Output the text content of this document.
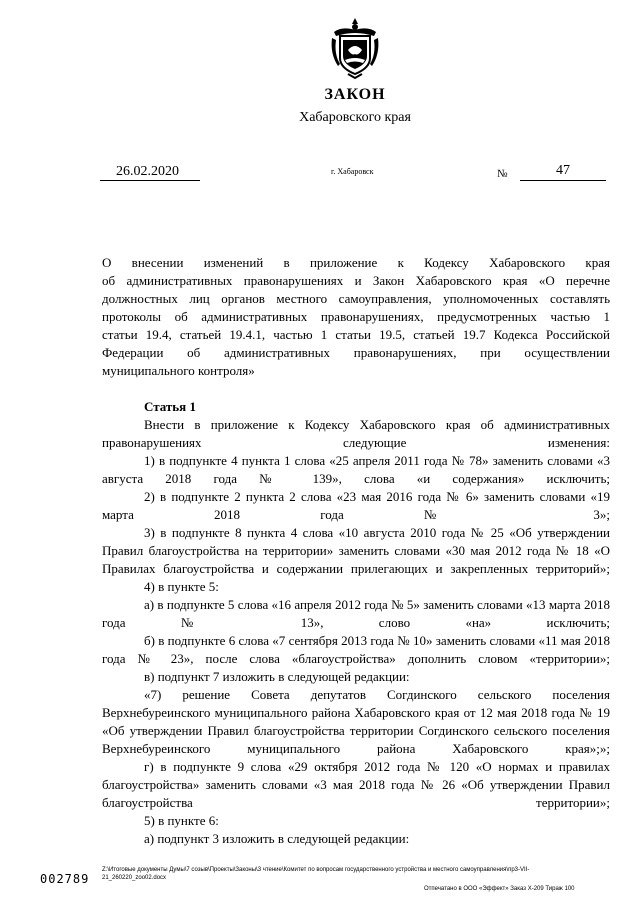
ЗАКОН
Хабаровского края
26.02.2020	г. Хабаровск	№	47

О внесении изменений в приложение к Кодексу Хабаровского края

об административных правонарушениях и Закон Хабаровского края «О перечне

должностных лиц органов местного самоуправления, уполномоченных составлять

протоколы об административных правонарушениях, предусмотренных частью 1

статьи 19.4, статьей 19.4.1, частью 1 статьи 19.5, статьей 19.7 Кодекса Российской

Федерации об административных правонарушениях, при осуществлении

муниципального контроля»

Статья 1

Внести в приложение к Кодексу Хабаровского края об административных правонарушениях следующие изменения:

1) в подпункте 4 пункта 1 слова «25 апреля 2011 года № 78» заменить словами «3 августа 2018 года № 139», слова «и содержания» исключить;

2) в подпункте 2 пункта 2 слова «23 мая 2016 года № 6» заменить словами «19 марта 2018 года № 3»;

3) в подпункте 8 пункта 4 слова «10 августа 2010 года № 25 «Об утверждении Правил благоустройства на территории» заменить словами «30 мая 2012 года № 18 «О Правилах благоустройства и содержании прилегающих и закрепленных территорий»;

4) в пункте 5:

а) в подпункте 5 слова «16 апреля 2012 года № 5» заменить словами «13 марта 2018 года № 13», слово «на» исключить;

б) в подпункте 6 слова «7 сентября 2013 года № 10» заменить словами «11 мая 2018 года № 23», после слова «благоустройства» дополнить словом «территории»;

в) подпункт 7 изложить в следующей редакции:

«7) решение Совета депутатов Согдинского сельского поселения Верхнебуреинского муниципального района Хабаровского края от 12 мая 2018 года № 19 «Об утверждении Правил благоустройства территории Согдинского сельского поселения Верхнебуреинского муниципального района Хабаровского края»;»;

г) в подпункте 9 слова «29 октября 2012 года № 120 «О нормах и правилах благоустройства» заменить словами «3 мая 2018 года № 26 «Об утверждении Правил благоустройства территории»;

5) в пункте 6:

а) подпункт 3 изложить в следующей редакции:

002789
Z:\Итоговые документы Думы\7 созыв\Проекты\Законы\3 чтение\Комитет по вопросам государственного устройства и местного самоуправления\пр3-VII-
21_260220_zoo02.docx
Отпечатано в ООО «Эффект» Заказ Х-209 Тираж 100
